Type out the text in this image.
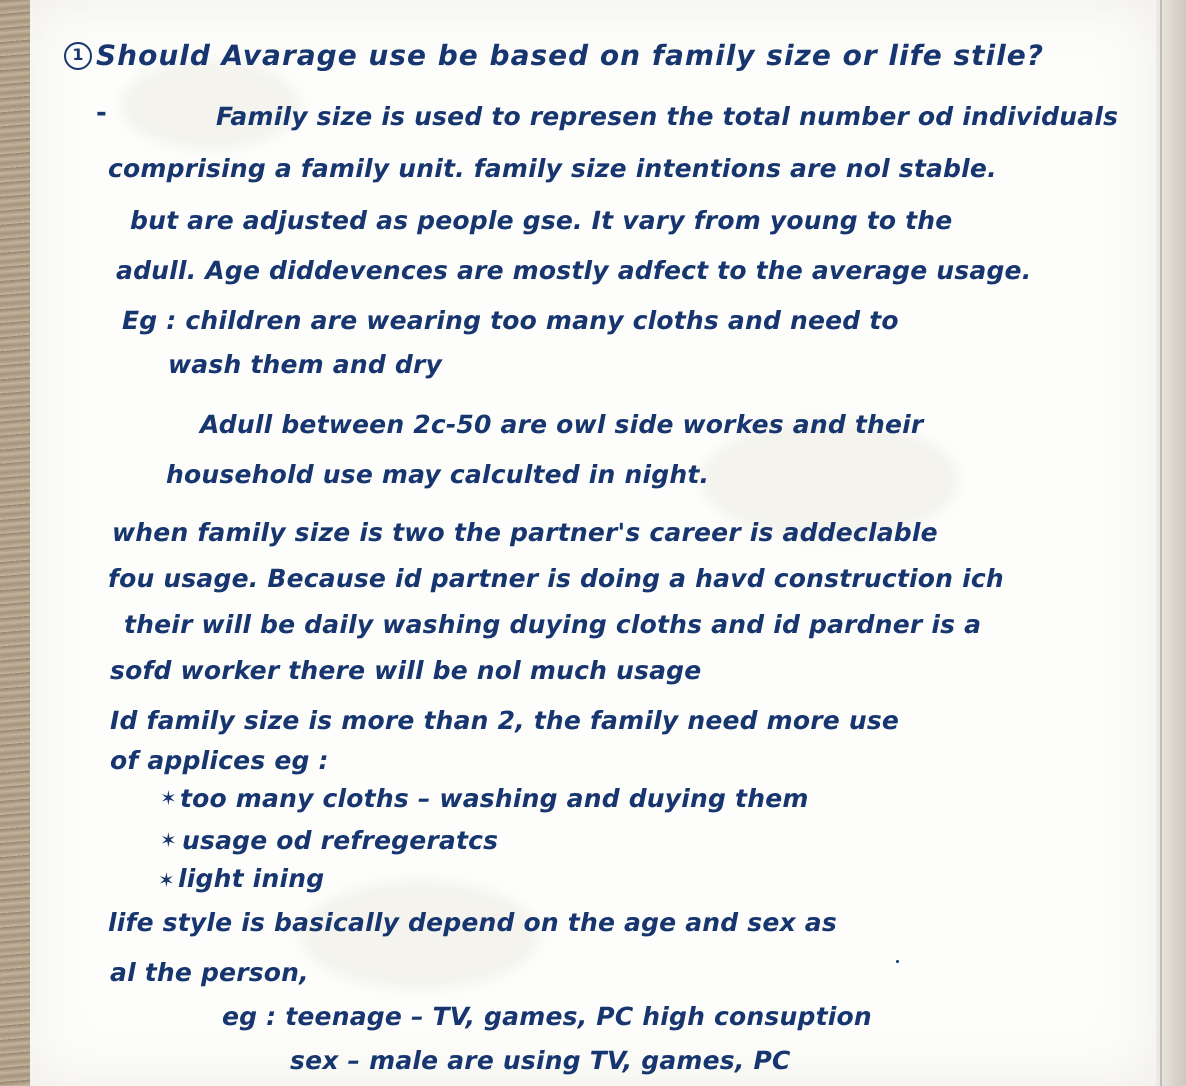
1 Should Avarage use be based on family size or life stile?
-	Family size is used to represen the total number od individuals
comprising a family unit. family size intentions are nol stable.
but are adjusted as people gse. It vary from young to the
adull. Age diddevences are mostly adfect to the average usage.
Eg : children are wearing too many cloths and need to
wash them and dry
Adull between 2c-50 are owl side workes and their
household use may calculted in night.
when family size is two the partner's career is addeclable
fou usage. Because id partner is doing a havd construction ich
their will be daily washing duying cloths and id pardner is a
sofd worker there will be nol much usage
Id family size is more than 2, the family need more use
of applices eg :
✶ too many cloths – washing and duying them
✶ usage od refregeratcs
✶ light ining
life style is basically depend on the age and sex as
al the person,
eg : teenage – TV, games, PC high consuption
sex – male are using TV, games, PC
